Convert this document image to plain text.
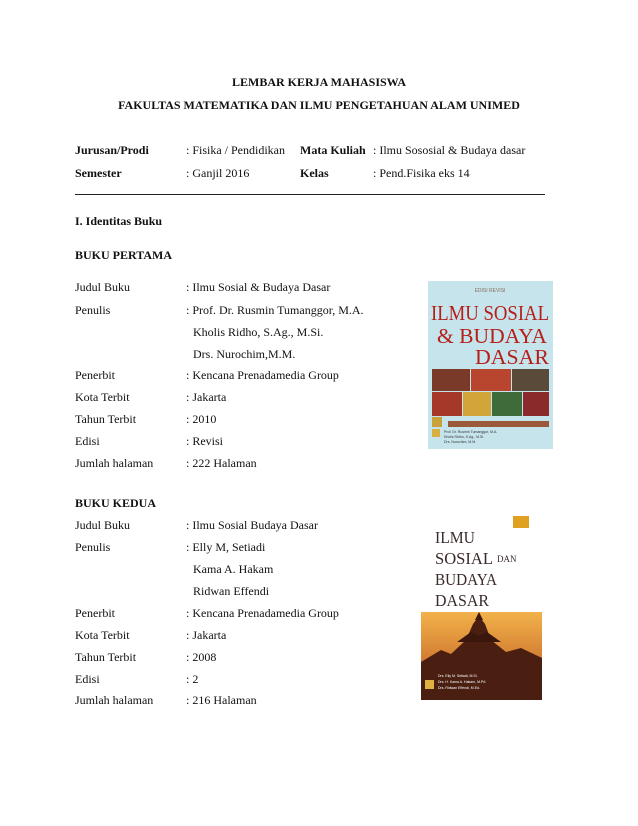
LEMBAR KERJA MAHASISWA
FAKULTAS MATEMATIKA DAN ILMU PENGETAHUAN ALAM UNIMED
Jurusan/Prodi	: Fisika / Pendidikan Mata Kuliah : Ilmu Sososial & Budaya dasar
Semester	: Ganjil 2016	Kelas	: Pend.Fisika eks 14
I. Identitas Buku
BUKU PERTAMA
Judul Buku	: Ilmu Sosial & Budaya Dasar
Penulis	: Prof. Dr. Rusmin Tumanggor, M.A.
Kholis Ridho, S.Ag., M.Si.
Drs. Nurochim,M.M.
Penerbit	: Kencana Prenadamedia Group
Kota Terbit	: Jakarta
Tahun Terbit	: 2010
Edisi	: Revisi
Jumlah halaman	: 222 Halaman
EDISI REVISI
ILMU SOSIAL
& BUDAYA
DASAR
Prof. Dr. Rusmin Tumanggor, M.A.
Kholis Ridho, S.Ag., M.Si.
Drs. Nurochim, M.M.
BUKU KEDUA
Judul Buku	: Ilmu Sosial Budaya Dasar
Penulis	: Elly M, Setiadi
Kama A. Hakam
Ridwan Effendi
Penerbit	: Kencana Prenadamedia Group
Kota Terbit	: Jakarta
Tahun Terbit	: 2008
Edisi	: 2
Jumlah halaman	: 216 Halaman
ILMU
SOSIAL DAN
BUDAYA
DASAR
Drs. Elly M. Setiadi, M.Si.
Drs. H. Kama A. Hakam, M.Pd.
Drs. Ridwan Effendi, M.Ed.
